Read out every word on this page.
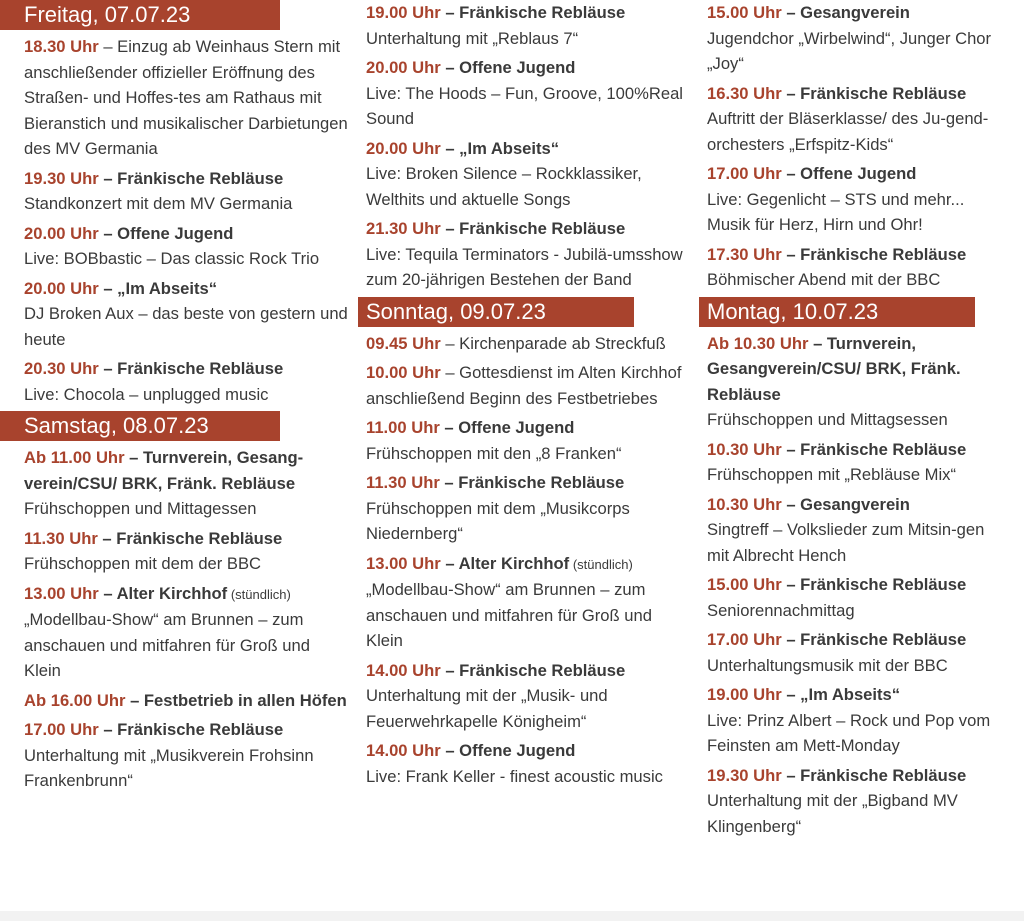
Freitag, 07.07.23
18.30 Uhr – Einzug ab Weinhaus Stern mit anschließender offizieller Eröffnung des Straßen- und Hoffes-tes am Rathaus mit Bieranstich und musikalischer Darbietungen des MV Germania
19.30 Uhr – Fränkische Rebläuse
Standkonzert mit dem MV Germania
20.00 Uhr – Offene Jugend
Live: BOBbastic – Das classic Rock Trio
20.00 Uhr – „Im Abseits“
DJ Broken Aux – das beste von gestern und heute
20.30 Uhr – Fränkische Rebläuse
Live: Chocola – unplugged music
Samstag, 08.07.23
Ab 11.00 Uhr – Turnverein, Gesang-verein/CSU/ BRK, Fränk. Rebläuse
Frühschoppen und Mittagessen
11.30 Uhr – Fränkische Rebläuse
Frühschoppen mit dem der BBC
13.00 Uhr – Alter Kirchhof (stündlich)
„Modellbau-Show“ am Brunnen – zum anschauen und mitfahren für Groß und Klein
Ab 16.00 Uhr – Festbetrieb in allen Höfen
17.00 Uhr – Fränkische Rebläuse
Unterhaltung mit „Musikverein Frohsinn Frankenbrunn“
19.00 Uhr – Fränkische Rebläuse
Unterhaltung mit „Reblaus 7“
20.00 Uhr – Offene Jugend
Live: The Hoods – Fun, Groove, 100%Real Sound
20.00 Uhr – „Im Abseits“
Live: Broken Silence – Rockklassiker, Welthits und aktuelle Songs
21.30 Uhr – Fränkische Rebläuse
Live: Tequila Terminators - Jubilä-umsshow zum 20-jährigen Bestehen der Band
Sonntag, 09.07.23
09.45 Uhr – Kirchenparade ab Streckfuß
10.00 Uhr – Gottesdienst im Alten Kirchhof anschließend Beginn des Festbetriebes
11.00 Uhr – Offene Jugend
Frühschoppen mit den „8 Franken“
11.30 Uhr – Fränkische Rebläuse
Frühschoppen mit dem „Musikcorps Niedernberg“
13.00 Uhr – Alter Kirchhof (stündlich)
„Modellbau-Show“ am Brunnen – zum anschauen und mitfahren für Groß und Klein
14.00 Uhr – Fränkische Rebläuse
Unterhaltung mit der „Musik- und Feuerwehrkapelle Königheim“
14.00 Uhr – Offene Jugend
Live: Frank Keller - finest acoustic music
15.00 Uhr – Gesangverein
Jugendchor „Wirbelwind“, Junger Chor „Joy“
16.30 Uhr – Fränkische Rebläuse
Auftritt der Bläserklasse/ des Ju-gend- orchesters „Erfspitz-Kids“
17.00 Uhr – Offene Jugend
Live: Gegenlicht – STS und mehr... Musik für Herz, Hirn und Ohr!
17.30 Uhr – Fränkische Rebläuse
Böhmischer Abend mit der BBC
Montag, 10.07.23
Ab 10.30 Uhr – Turnverein, Gesangverein/CSU/ BRK, Fränk. Rebläuse
Frühschoppen und Mittagsessen
10.30 Uhr – Fränkische Rebläuse
Frühschoppen mit „Rebläuse Mix“
10.30 Uhr – Gesangverein
Singtreff – Volkslieder zum Mitsin-gen mit Albrecht Hench
15.00 Uhr – Fränkische Rebläuse
Seniorennachmittag
17.00 Uhr – Fränkische Rebläuse
Unterhaltungsmusik mit der BBC
19.00 Uhr – „Im Abseits“
Live: Prinz Albert – Rock und Pop vom Feinsten am Mett-Monday
19.30 Uhr – Fränkische Rebläuse
Unterhaltung mit der „Bigband MV Klingenberg“
